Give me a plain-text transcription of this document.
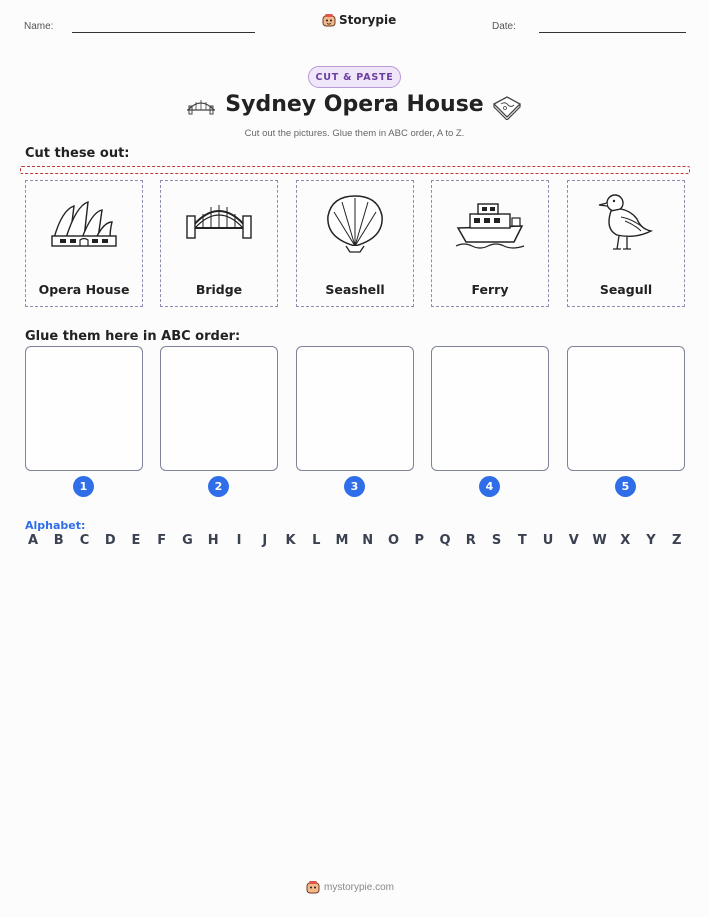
Name:	Storypie	Date:
CUT & PASTE
Sydney Opera House
Cut out the pictures. Glue them in ABC order, A to Z.
Cut these out:
Opera House	Bridge	Seashell	Ferry	Seagull
Glue them here in ABC order:
1	2	3	4	5
Alphabet:
A B C D E F G H	I	J	K L M N O P Q R S T U V W X Y Z
mystorypie.com
